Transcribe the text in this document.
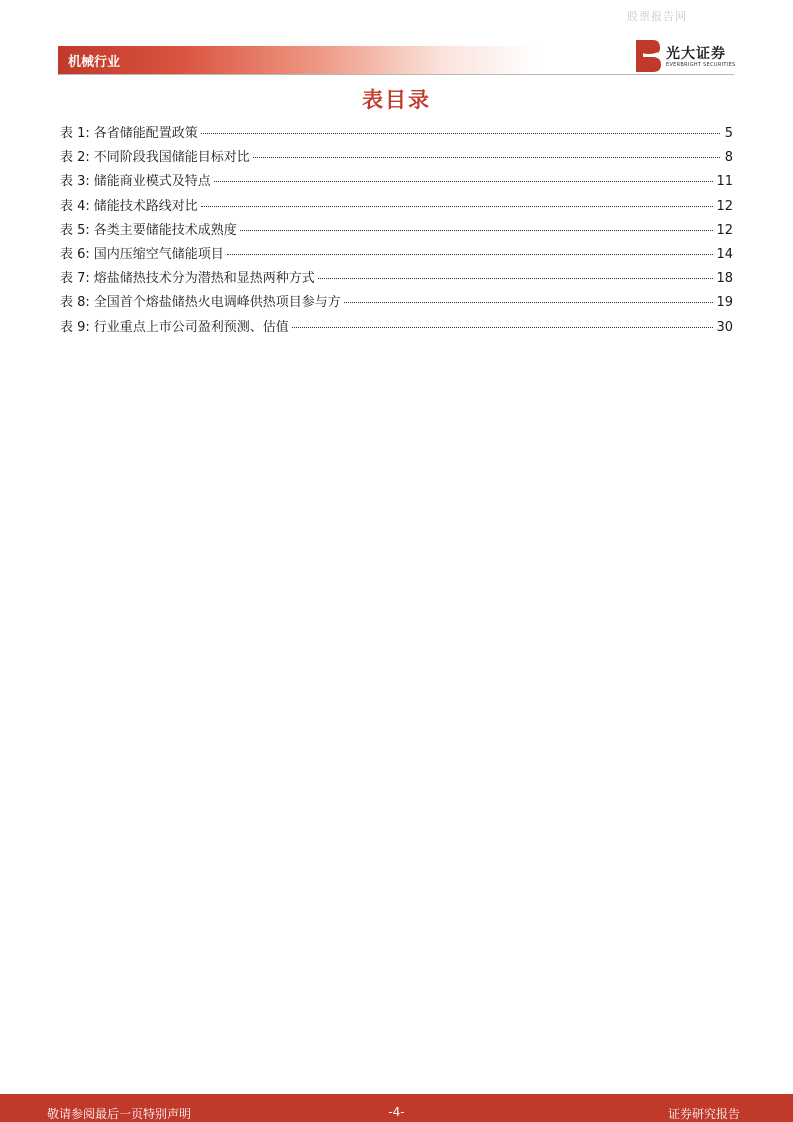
股票报告网
机械行业
光大证券
EVERBRIGHT SECURITIES
表目录
表 1: 各省储能配置政策	5
表 2: 不同阶段我国储能目标对比	8
表 3: 储能商业模式及特点	11
表 4: 储能技术路线对比	12
表 5: 各类主要储能技术成熟度	12
表 6: 国内压缩空气储能项目	14
表 7: 熔盐储热技术分为潜热和显热两种方式	18
表 8: 全国首个熔盐储热火电调峰供热项目参与方	19
表 9: 行业重点上市公司盈利预测、估值	30
敬请参阅最后一页特别声明	-4-	证券研究报告
